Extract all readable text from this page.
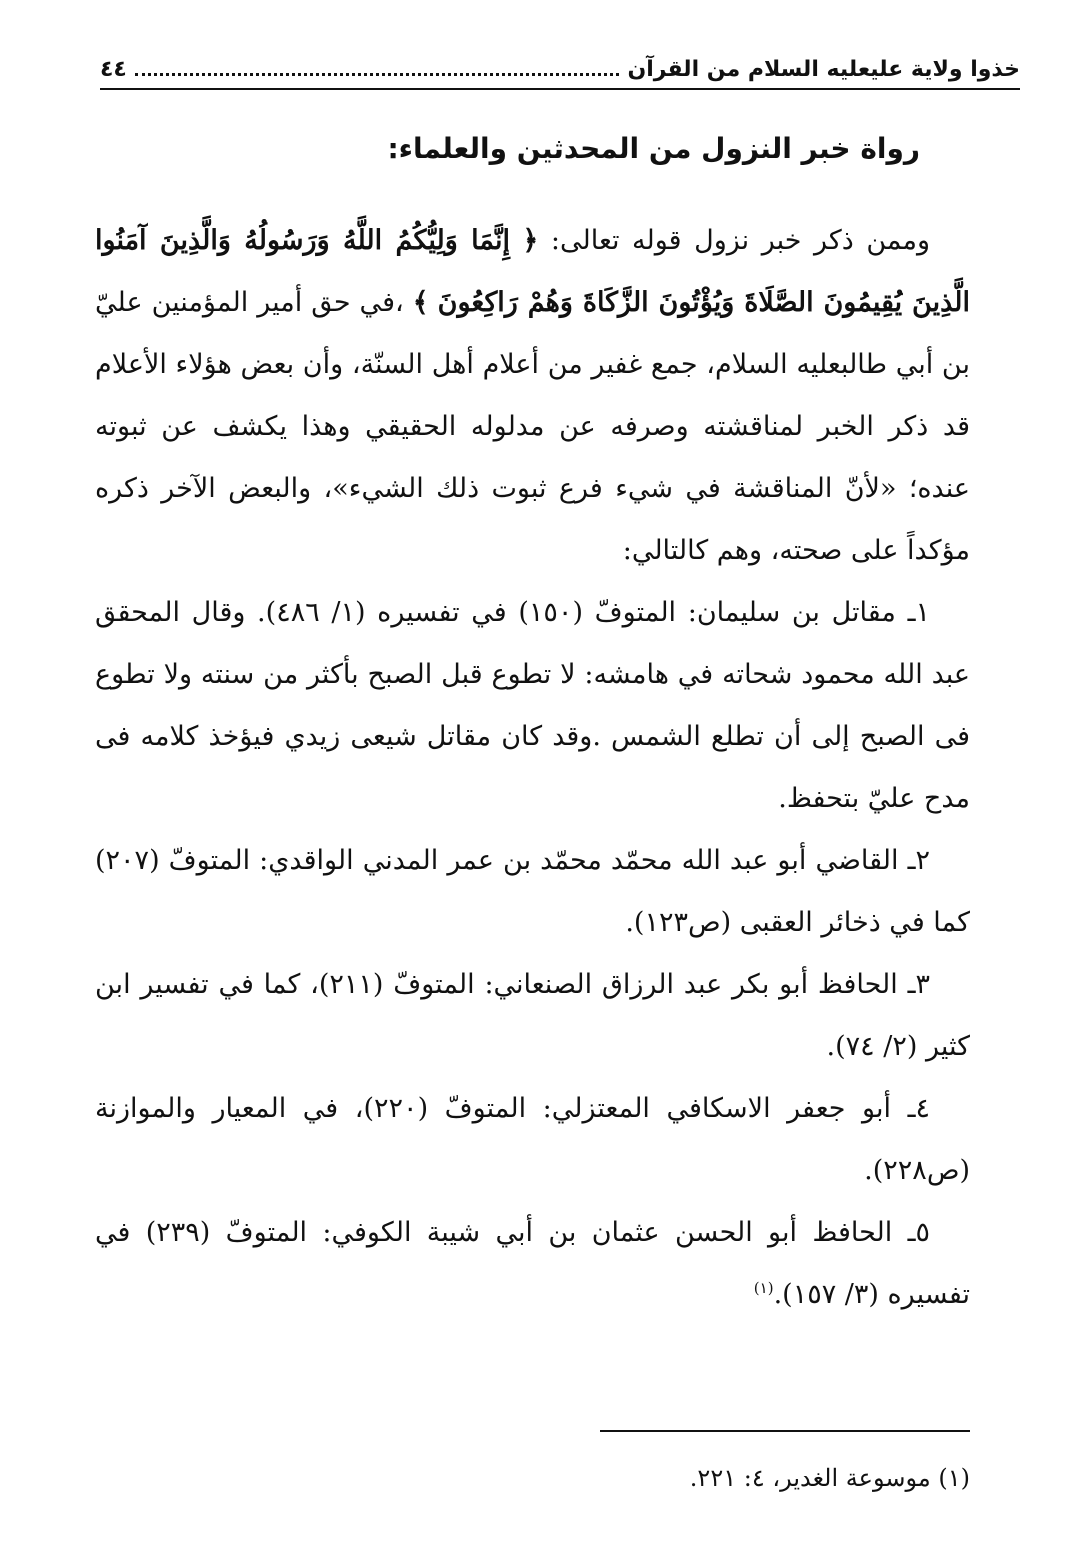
خذوا ولاية عليعليه السلام من القرآن
٤٤
رواة خبر النزول من المحدثين والعلماء:

وممن ذكر خبر نزول قوله تعالى: ﴿ إِنَّمَا وَلِيُّكُمُ اللَّهُ وَرَسُولُهُ وَالَّذِينَ آمَنُوا الَّذِينَ يُقِيمُونَ الصَّلَاةَ وَيُؤْتُونَ الزَّكَاةَ وَهُمْ رَاكِعُونَ ﴾ ،في حق أمير المؤمنين عليّ بن أبي طالبعليه السلام، جمع غفير من أعلام أهل السنّة، وأن بعض هؤلاء الأعلام قد ذكر الخبر لمناقشته وصرفه عن مدلوله الحقيقي وهذا يكشف عن ثبوته عنده؛ «لأنّ المناقشة في شيء فرع ثبوت ذلك الشيء»، والبعض الآخر ذكره مؤكداً على صحته، وهم كالتالي:

١ـ مقاتل بن سليمان: المتوفّ (١٥٠) في تفسيره (١/ ٤٨٦). وقال المحقق عبد الله محمود شحاته في هامشه: لا تطوع قبل الصبح بأكثر من سنته ولا تطوع فى الصبح إلى أن تطلع الشمس .وقد كان مقاتل شيعى زيدي فيؤخذ كلامه فى مدح عليّ بتحفظ.

٢ـ القاضي أبو عبد الله محمّد محمّد بن عمر المدني الواقدي: المتوفّ (٢٠٧) كما في ذخائر العقبى (ص١٢٣).

٣ـ الحافظ أبو بكر عبد الرزاق الصنعاني: المتوفّ (٢١١)، كما في تفسير ابن كثير (٢/ ٧٤).

٤ـ أبو جعفر الاسكافي المعتزلي: المتوفّ (٢٢٠)، في المعيار والموازنة (ص٢٢٨).

٥ـ الحافظ أبو الحسن عثمان بن أبي شيبة الكوفي: المتوفّ (٢٣٩) في تفسيره (٣/ ١٥٧).$^{(١)}$

(١) موسوعة الغدير، ٤: ٢٢١.
